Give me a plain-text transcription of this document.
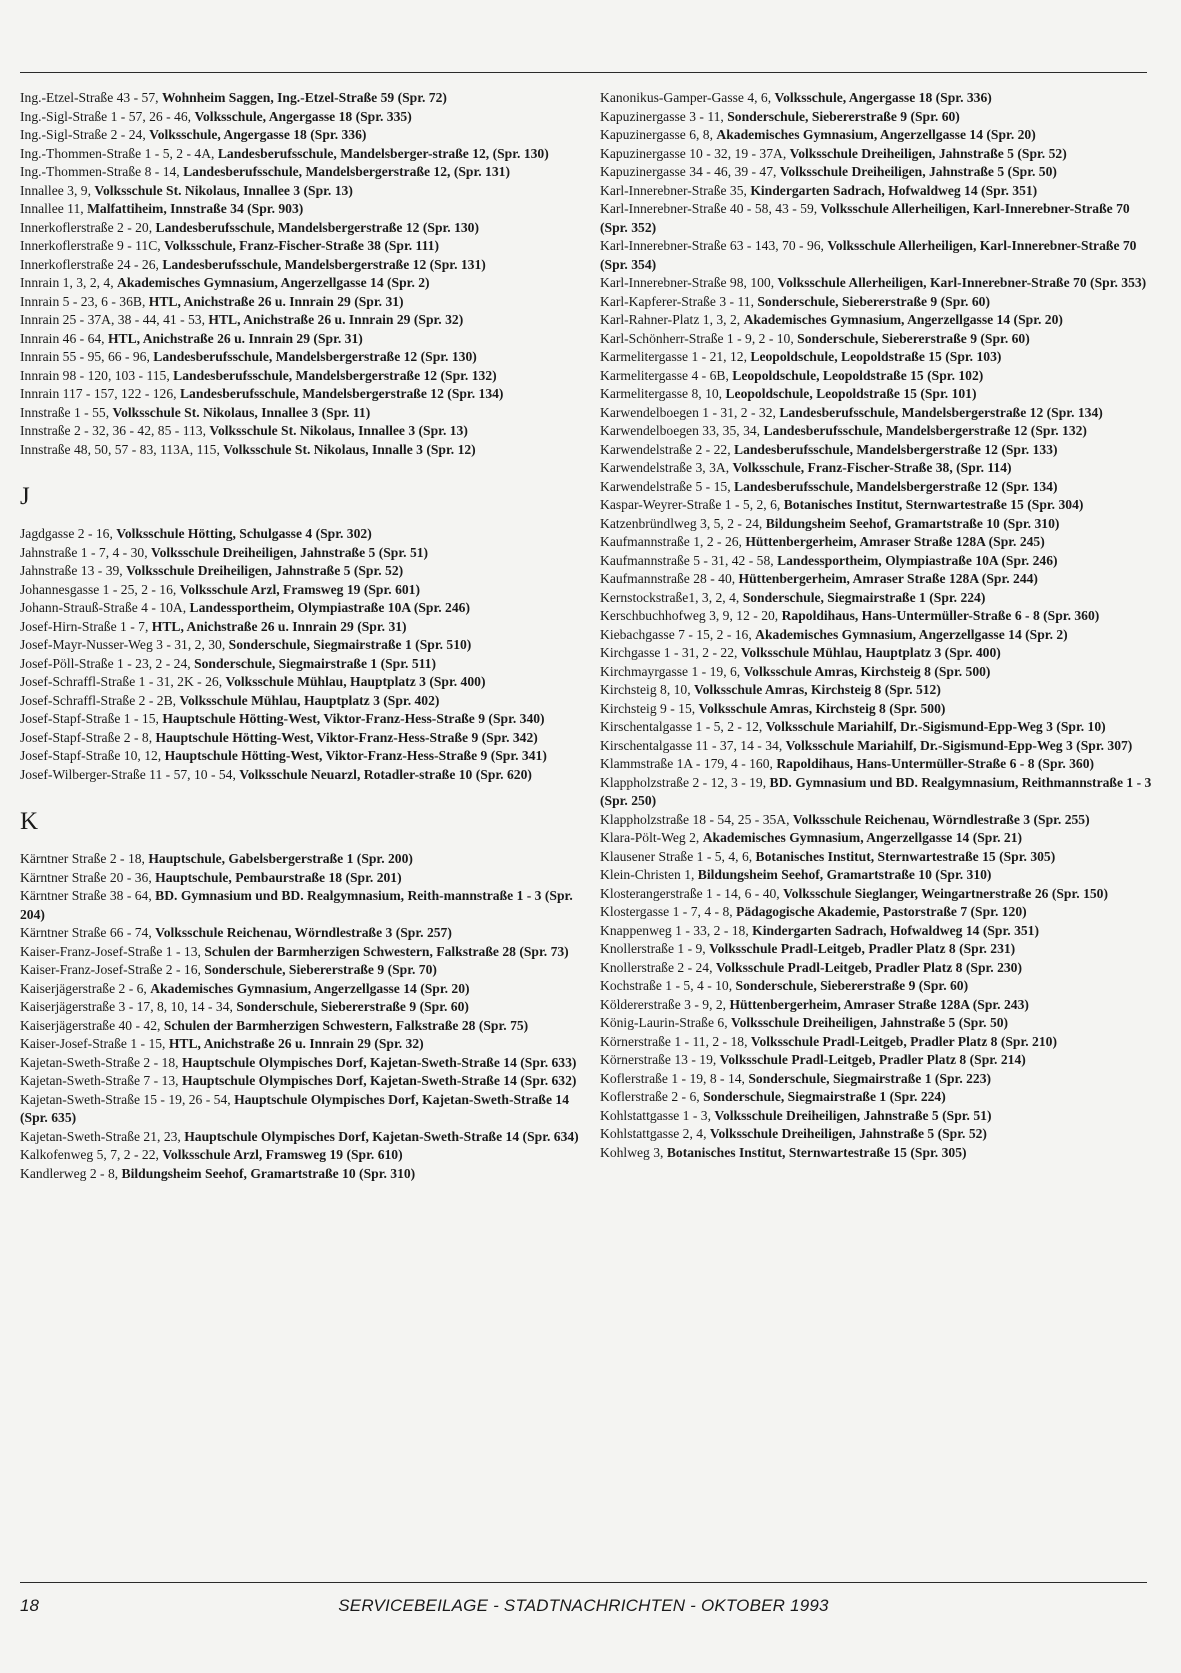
Ing.-Etzel-Straße 43 - 57, Wohnheim Saggen, Ing.-Etzel-Straße 59 (Spr. 72)
Ing.-Sigl-Straße 1 - 57, 26 - 46, Volksschule, Angergasse 18 (Spr. 335)
Ing.-Sigl-Straße 2 - 24, Volksschule, Angergasse 18 (Spr. 336)
Ing.-Thommen-Straße 1 - 5, 2 - 4A, Landesberufsschule, Mandelsberger-straße 12, (Spr. 130)
Ing.-Thommen-Straße 8 - 14, Landesberufsschule, Mandelsbergerstraße 12, (Spr. 131)
Innallee 3, 9, Volksschule St. Nikolaus, Innallee 3 (Spr. 13)
Innallee 11, Malfattiheim, Innstraße 34 (Spr. 903)
Innerkoflerstraße 2 - 20, Landesberufsschule, Mandelsbergerstraße 12 (Spr. 130)
Innerkoflerstraße 9 - 11C, Volksschule, Franz-Fischer-Straße 38 (Spr. 111)
Innerkoflerstraße 24 - 26, Landesberufsschule, Mandelsbergerstraße 12 (Spr. 131)
Innrain 1, 3, 2, 4, Akademisches Gymnasium, Angerzellgasse 14 (Spr. 2)
Innrain 5 - 23, 6 - 36B, HTL, Anichstraße 26 u. Innrain 29 (Spr. 31)
Innrain 25 - 37A, 38 - 44, 41 - 53, HTL, Anichstraße 26 u. Innrain 29 (Spr. 32)
Innrain 46 - 64, HTL, Anichstraße 26 u. Innrain 29 (Spr. 31)
Innrain 55 - 95, 66 - 96, Landesberufsschule, Mandelsbergerstraße 12 (Spr. 130)
Innrain 98 - 120, 103 - 115, Landesberufsschule, Mandelsbergerstraße 12 (Spr. 132)
Innrain 117 - 157, 122 - 126, Landesberufsschule, Mandelsbergerstraße 12 (Spr. 134)
Innstraße 1 - 55, Volksschule St. Nikolaus, Innallee 3 (Spr. 11)
Innstraße 2 - 32, 36 - 42, 85 - 113, Volksschule St. Nikolaus, Innallee 3 (Spr. 13)
Innstraße 48, 50, 57 - 83, 113A, 115, Volksschule St. Nikolaus, Innalle 3 (Spr. 12)
J
Jagdgasse 2 - 16, Volksschule Hötting, Schulgasse 4 (Spr. 302)
Jahnstraße 1 - 7, 4 - 30, Volksschule Dreiheiligen, Jahnstraße 5 (Spr. 51)
Jahnstraße 13 - 39, Volksschule Dreiheiligen, Jahnstraße 5 (Spr. 52)
Johannesgasse 1 - 25, 2 - 16, Volksschule Arzl, Framsweg 19 (Spr. 601)
Johann-Strauß-Straße 4 - 10A, Landessportheim, Olympiastraße 10A (Spr. 246)
Josef-Hirn-Straße 1 - 7, HTL, Anichstraße 26 u. Innrain 29 (Spr. 31)
Josef-Mayr-Nusser-Weg 3 - 31, 2, 30, Sonderschule, Siegmairstraße 1 (Spr. 510)
Josef-Pöll-Straße 1 - 23, 2 - 24, Sonderschule, Siegmairstraße 1 (Spr. 511)
Josef-Schraffl-Straße 1 - 31, 2K - 26, Volksschule Mühlau, Hauptplatz 3 (Spr. 400)
Josef-Schraffl-Straße 2 - 2B, Volksschule Mühlau, Hauptplatz 3 (Spr. 402)
Josef-Stapf-Straße 1 - 15, Hauptschule Hötting-West, Viktor-Franz-Hess-Straße 9 (Spr. 340)
Josef-Stapf-Straße 2 - 8, Hauptschule Hötting-West, Viktor-Franz-Hess-Straße 9 (Spr. 342)
Josef-Stapf-Straße 10, 12, Hauptschule Hötting-West, Viktor-Franz-Hess-Straße 9 (Spr. 341)
Josef-Wilberger-Straße 11 - 57, 10 - 54, Volksschule Neuarzl, Rotadler-straße 10 (Spr. 620)
K
Kärntner Straße 2 - 18, Hauptschule, Gabelsbergerstraße 1 (Spr. 200)
Kärntner Straße 20 - 36, Hauptschule, Pembaurstraße 18 (Spr. 201)
Kärntner Straße 38 - 64, BD. Gymnasium und BD. Realgymnasium, Reith-mannstraße 1 - 3 (Spr. 204)
Kärntner Straße 66 - 74, Volksschule Reichenau, Wörndlestraße 3 (Spr. 257)
Kaiser-Franz-Josef-Straße 1 - 13, Schulen der Barmherzigen Schwestern, Falkstraße 28 (Spr. 73)
Kaiser-Franz-Josef-Straße 2 - 16, Sonderschule, Siebererstraße 9 (Spr. 70)
Kaiserjägerstraße 2 - 6, Akademisches Gymnasium, Angerzellgasse 14 (Spr. 20)
Kaiserjägerstraße 3 - 17, 8, 10, 14 - 34, Sonderschule, Siebererstraße 9 (Spr. 60)
Kaiserjägerstraße 40 - 42, Schulen der Barmherzigen Schwestern, Falkstraße 28 (Spr. 75)
Kaiser-Josef-Straße 1 - 15, HTL, Anichstraße 26 u. Innrain 29 (Spr. 32)
Kajetan-Sweth-Straße 2 - 18, Hauptschule Olympisches Dorf, Kajetan-Sweth-Straße 14 (Spr. 633)
Kajetan-Sweth-Straße 7 - 13, Hauptschule Olympisches Dorf, Kajetan-Sweth-Straße 14 (Spr. 632)
Kajetan-Sweth-Straße 15 - 19, 26 - 54, Hauptschule Olympisches Dorf, Kajetan-Sweth-Straße 14 (Spr. 635)
Kajetan-Sweth-Straße 21, 23, Hauptschule Olympisches Dorf, Kajetan-Sweth-Straße 14 (Spr. 634)
Kalkofenweg 5, 7, 2 - 22, Volksschule Arzl, Framsweg 19 (Spr. 610)
Kandlerweg 2 - 8, Bildungsheim Seehof, Gramartstraße 10 (Spr. 310)
Kanonikus-Gamper-Gasse 4, 6, Volksschule, Angergasse 18 (Spr. 336)
Kapuzinergasse 3 - 11, Sonderschule, Siebererstraße 9 (Spr. 60)
Kapuzinergasse 6, 8, Akademisches Gymnasium, Angerzellgasse 14 (Spr. 20)
Kapuzinergasse 10 - 32, 19 - 37A, Volksschule Dreiheiligen, Jahnstraße 5 (Spr. 52)
Kapuzinergasse 34 - 46, 39 - 47, Volksschule Dreiheiligen, Jahnstraße 5 (Spr. 50)
Karl-Innerebner-Straße 35, Kindergarten Sadrach, Hofwaldweg 14 (Spr. 351)
Karl-Innerebner-Straße 40 - 58, 43 - 59, Volksschule Allerheiligen, Karl-Innerebner-Straße 70 (Spr. 352)
Karl-Innerebner-Straße 63 - 143, 70 - 96, Volksschule Allerheiligen, Karl-Innerebner-Straße 70 (Spr. 354)
Karl-Innerebner-Straße 98, 100, Volksschule Allerheiligen, Karl-Innerebner-Straße 70 (Spr. 353)
Karl-Kapferer-Straße 3 - 11, Sonderschule, Siebererstraße 9 (Spr. 60)
Karl-Rahner-Platz 1, 3, 2, Akademisches Gymnasium, Angerzellgasse 14 (Spr. 20)
Karl-Schönherr-Straße 1 - 9, 2 - 10, Sonderschule, Siebererstraße 9 (Spr. 60)
Karmelitergasse 1 - 21, 12, Leopoldschule, Leopoldstraße 15 (Spr. 103)
Karmelitergasse 4 - 6B, Leopoldschule, Leopoldstraße 15 (Spr. 102)
Karmelitergasse 8, 10, Leopoldschule, Leopoldstraße 15 (Spr. 101)
Karwendelboegen 1 - 31, 2 - 32, Landesberufsschule, Mandelsbergerstraße 12 (Spr. 134)
Karwendelboegen 33, 35, 34, Landesberufsschule, Mandelsbergerstraße 12 (Spr. 132)
Karwendelstraße 2 - 22, Landesberufsschule, Mandelsbergerstraße 12 (Spr. 133)
Karwendelstraße 3, 3A, Volksschule, Franz-Fischer-Straße 38, (Spr. 114)
Karwendelstraße 5 - 15, Landesberufsschule, Mandelsbergerstraße 12 (Spr. 134)
Kaspar-Weyrer-Straße 1 - 5, 2, 6, Botanisches Institut, Sternwartestraße 15 (Spr. 304)
Katzenbründlweg 3, 5, 2 - 24, Bildungsheim Seehof, Gramartstraße 10 (Spr. 310)
Kaufmannstraße 1, 2 - 26, Hüttenbergerheim, Amraser Straße 128A (Spr. 245)
Kaufmannstraße 5 - 31, 42 - 58, Landessportheim, Olympiastraße 10A (Spr. 246)
Kaufmannstraße 28 - 40, Hüttenbergerheim, Amraser Straße 128A (Spr. 244)
Kernstockstraße1, 3, 2, 4, Sonderschule, Siegmairstraße 1 (Spr. 224)
Kerschbuchhofweg 3, 9, 12 - 20, Rapoldihaus, Hans-Untermüller-Straße 6 - 8 (Spr. 360)
Kiebachgasse 7 - 15, 2 - 16, Akademisches Gymnasium, Angerzellgasse 14 (Spr. 2)
Kirchgasse 1 - 31, 2 - 22, Volksschule Mühlau, Hauptplatz 3 (Spr. 400)
Kirchmayrgasse 1 - 19, 6, Volksschule Amras, Kirchsteig 8 (Spr. 500)
Kirchsteig 8, 10, Volksschule Amras, Kirchsteig 8 (Spr. 512)
Kirchsteig 9 - 15, Volksschule Amras, Kirchsteig 8 (Spr. 500)
Kirschentalgasse 1 - 5, 2 - 12, Volksschule Mariahilf, Dr.-Sigismund-Epp-Weg 3 (Spr. 10)
Kirschentalgasse 11 - 37, 14 - 34, Volksschule Mariahilf, Dr.-Sigismund-Epp-Weg 3 (Spr. 307)
Klammstraße 1A - 179, 4 - 160, Rapoldihaus, Hans-Untermüller-Straße 6 - 8 (Spr. 360)
Klappholzstraße 2 - 12, 3 - 19, BD. Gymnasium und BD. Realgymnasium, Reithmannstraße 1 - 3 (Spr. 250)
Klappholzstraße 18 - 54, 25 - 35A, Volksschule Reichenau, Wörndlestraße 3 (Spr. 255)
Klara-Pölt-Weg 2, Akademisches Gymnasium, Angerzellgasse 14 (Spr. 21)
Klausener Straße 1 - 5, 4, 6, Botanisches Institut, Sternwartestraße 15 (Spr. 305)
Klein-Christen 1, Bildungsheim Seehof, Gramartstraße 10 (Spr. 310)
Klosterangerstraße 1 - 14, 6 - 40, Volksschule Sieglanger, Weingartnerstraße 26 (Spr. 150)
Klostergasse 1 - 7, 4 - 8, Pädagogische Akademie, Pastorstraße 7 (Spr. 120)
Knappenweg 1 - 33, 2 - 18, Kindergarten Sadrach, Hofwaldweg 14 (Spr. 351)
Knollerstraße 1 - 9, Volksschule Pradl-Leitgeb, Pradler Platz 8 (Spr. 231)
Knollerstraße 2 - 24, Volksschule Pradl-Leitgeb, Pradler Platz 8 (Spr. 230)
Kochstraße 1 - 5, 4 - 10, Sonderschule, Siebererstraße 9 (Spr. 60)
Köldererstraße 3 - 9, 2, Hüttenbergerheim, Amraser Straße 128A (Spr. 243)
König-Laurin-Straße 6, Volksschule Dreiheiligen, Jahnstraße 5 (Spr. 50)
Körnerstraße 1 - 11, 2 - 18, Volksschule Pradl-Leitgeb, Pradler Platz 8 (Spr. 210)
Körnerstraße 13 - 19, Volksschule Pradl-Leitgeb, Pradler Platz 8 (Spr. 214)
Koflerstraße 1 - 19, 8 - 14, Sonderschule, Siegmairstraße 1 (Spr. 223)
Koflerstraße 2 - 6, Sonderschule, Siegmairstraße 1 (Spr. 224)
Kohlstattgasse 1 - 3, Volksschule Dreiheiligen, Jahnstraße 5 (Spr. 51)
Kohlstattgasse 2, 4, Volksschule Dreiheiligen, Jahnstraße 5 (Spr. 52)
Kohlweg 3, Botanisches Institut, Sternwartestraße 15 (Spr. 305)
18	SERVICEBEILAGE - STADTNACHRICHTEN - OKTOBER 1993
